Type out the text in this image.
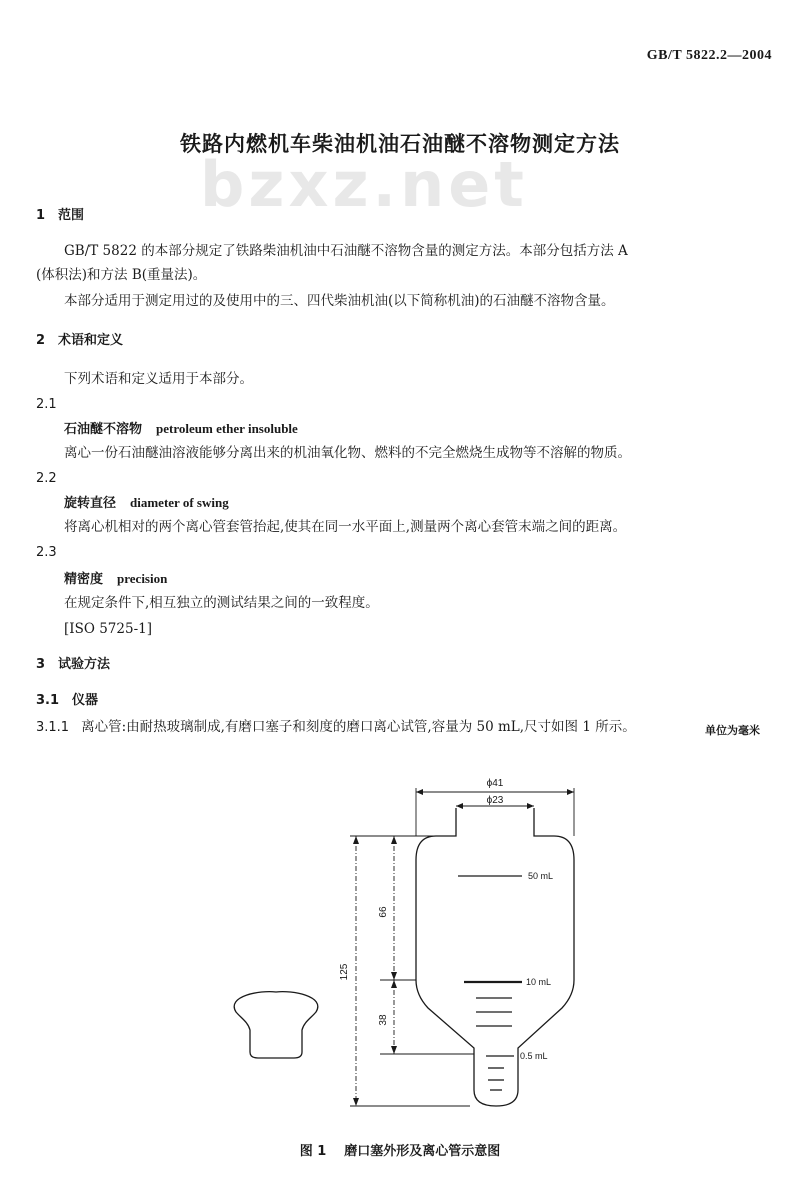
GB/T 5822.2—2004
bzxz.net
铁路内燃机车柴油机油石油醚不溶物测定方法
1　范围
GB/T 5822 的本部分规定了铁路柴油机油中石油醚不溶物含量的测定方法。本部分包括方法 A
(体积法)和方法 B(重量法)。
本部分适用于测定用过的及使用中的三、四代柴油机油(以下简称机油)的石油醚不溶物含量。
2　术语和定义
下列术语和定义适用于本部分。
2.1
石油醚不溶物 petroleum ether insoluble
离心一份石油醚油溶液能够分离出来的机油氧化物、燃料的不完全燃烧生成物等不溶解的物质。
2.2
旋转直径 diameter of swing
将离心机相对的两个离心管套管抬起,使其在同一水平面上,测量两个离心套管末端之间的距离。
2.3
精密度 precision
在规定条件下,相互独立的测试结果之间的一致程度。
[ISO 5725-1]
3　试验方法
3.1　仪器
3.1.1 离心管:由耐热玻璃制成,有磨口塞子和刻度的磨口离心试管,容量为 50 mL,尺寸如图 1 所示。	单位为毫米
ϕ41
ϕ23
125
66
38
50 mL
10 mL
0.5 mL
图 1 磨口塞外形及离心管示意图
